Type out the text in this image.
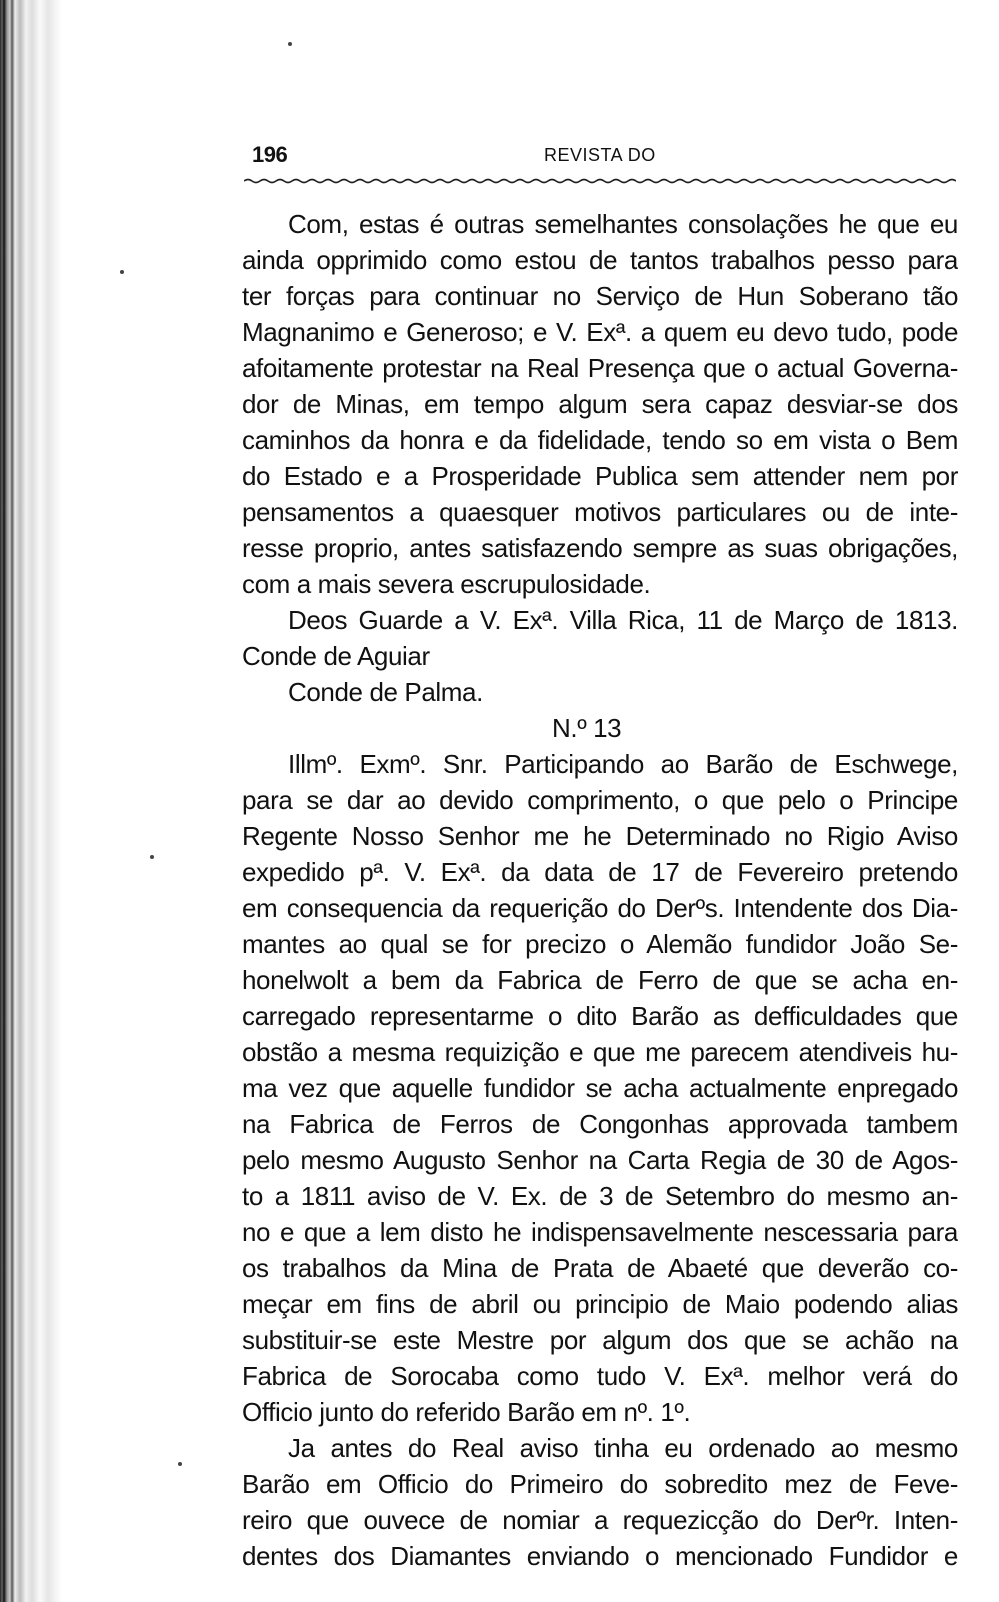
196	REVISTA DO
Com, estas é outras semelhantes consolações he que eu
ainda opprimido como estou de tantos trabalhos pesso para
ter forças para continuar no Serviço de Hun Soberano tão
Magnanimo e Generoso; e V. Exª. a quem eu devo tudo, pode
afoitamente protestar na Real Presença que o actual Governa-
dor de Minas, em tempo algum sera capaz desviar-se dos
caminhos da honra e da fidelidade, tendo so em vista o Bem
do Estado e a Prosperidade Publica sem attender nem por
pensamentos a quaesquer motivos particulares ou de inte-
resse proprio, antes satisfazendo sempre as suas obrigações,
com a mais severa escrupulosidade.
Deos Guarde a V. Exª. Villa Rica, 11 de Março de 1813.
Conde de Aguiar
Conde de Palma.
N.º 13
Illmº. Exmº. Snr. Participando ao Barão de Eschwege,
para se dar ao devido comprimento, o que pelo o Principe
Regente Nosso Senhor me he Determinado no Rigio Aviso
expedido pª. V. Exª. da data de 17 de Fevereiro pretendo
em consequencia da requerição do Derºs. Intendente dos Dia-
mantes ao qual se for precizo o Alemão fundidor João Se-
honelwolt a bem da Fabrica de Ferro de que se acha en-
carregado representarme o dito Barão as defficuldades que
obstão a mesma requizição e que me parecem atendiveis hu-
ma vez que aquelle fundidor se acha actualmente enpregado
na Fabrica de Ferros de Congonhas approvada tambem
pelo mesmo Augusto Senhor na Carta Regia de 30 de Agos-
to a 1811 aviso de V. Ex. de 3 de Setembro do mesmo an-
no e que a lem disto he indispensavelmente nescessaria para
os trabalhos da Mina de Prata de Abaeté que deverão co-
meçar em fins de abril ou principio de Maio podendo alias
substituir-se este Mestre por algum dos que se achão na
Fabrica de Sorocaba como tudo V. Exª. melhor verá do
Officio junto do referido Barão em nº. 1º.
Ja antes do Real aviso tinha eu ordenado ao mesmo
Barão em Officio do Primeiro do sobredito mez de Feve-
reiro que ouvece de nomiar a requezicção do Derºr. Inten-
dentes dos Diamantes enviando o mencionado Fundidor e
